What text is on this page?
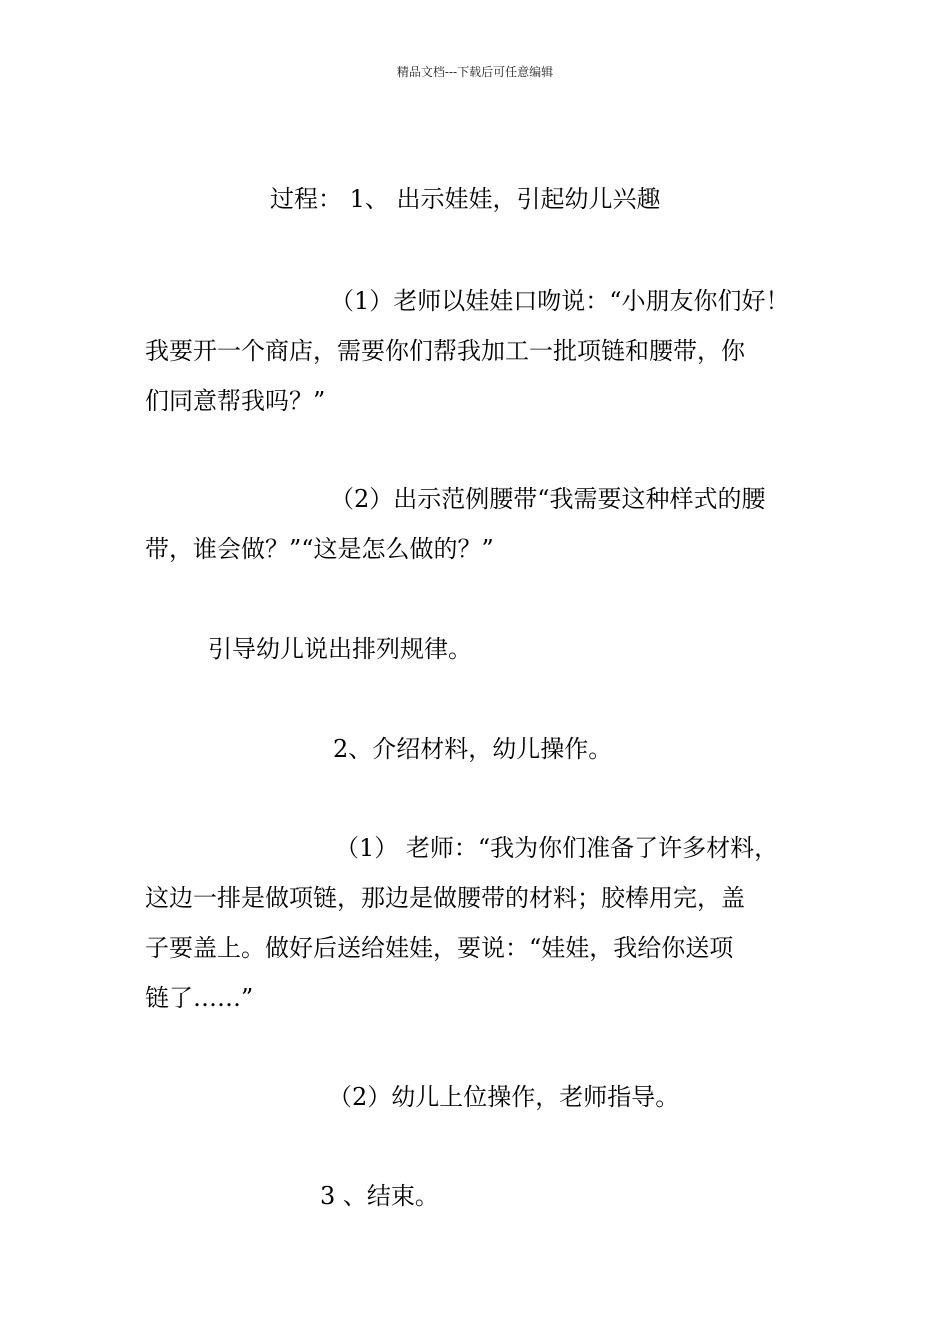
精品文档---下载后可任意编辑
过程： 1、 出示娃娃，引起幼儿兴趣
（1）老师以娃娃口吻说：“小朋友你们好！
我要开一个商店，需要你们帮我加工一批项链和腰带，你
们同意帮我吗？”
（2）出示范例腰带“我需要这种样式的腰
带，谁会做？”“这是怎么做的？”
引导幼儿说出排列规律。
2、介绍材料，幼儿操作。
（1） 老师：“我为你们准备了许多材料，
这边一排是做项链，那边是做腰带的材料；胶棒用完，盖
子要盖上。做好后送给娃娃，要说：“娃娃，我给你送项
链了……”
（2）幼儿上位操作，老师指导。
3 、结束。
